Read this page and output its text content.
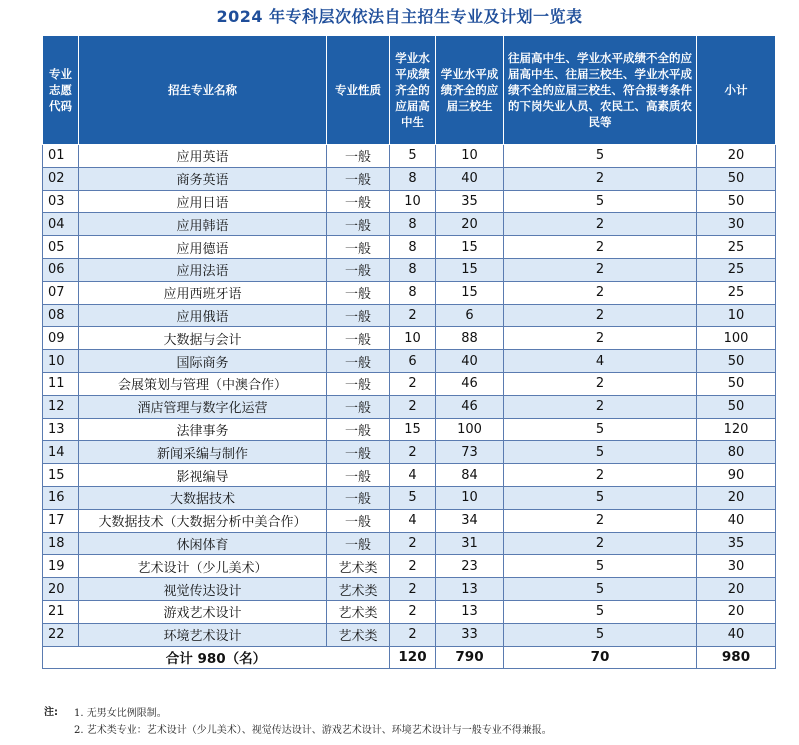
2024 年专科层次依法自主招生专业及计划一览表
专业志愿代码	招生专业名称	专业性质	学业水平成绩齐全的应届高中生	学业水平成绩齐全的应届三校生	往届高中生、学业水平成绩不全的应届高中生、往届三校生、学业水平成绩不全的应届三校生、符合报考条件的下岗失业人员、农民工、高素质农民等	小计
01	应用英语	一般	5	10	5	20
02	商务英语	一般	8	40	2	50
03	应用日语	一般	10	35	5	50
04	应用韩语	一般	8	20	2	30
05	应用德语	一般	8	15	2	25
06	应用法语	一般	8	15	2	25
07	应用西班牙语	一般	8	15	2	25
08	应用俄语	一般	2	6	2	10
09	大数据与会计	一般	10	88	2	100
10	国际商务	一般	6	40	4	50
11	会展策划与管理（中澳合作）	一般	2	46	2	50
12	酒店管理与数字化运营	一般	2	46	2	50
13	法律事务	一般	15	100	5	120
14	新闻采编与制作	一般	2	73	5	80
15	影视编导	一般	4	84	2	90
16	大数据技术	一般	5	10	5	20
17	大数据技术（大数据分析中美合作）	一般	4	34	2	40
18	休闲体育	一般	2	31	2	35
19	艺术设计（少儿美术）	艺术类	2	23	5	30
20	视觉传达设计	艺术类	2	13	5	20
21	游戏艺术设计	艺术类	2	13	5	20
22	环境艺术设计	艺术类	2	33	5	40
合计 980（名）			120	790	70	980
注: 1. 无男女比例限制。
2. 艺术类专业：艺术设计（少儿美术）、视觉传达设计、游戏艺术设计、环境艺术设计与一般专业不得兼报。
